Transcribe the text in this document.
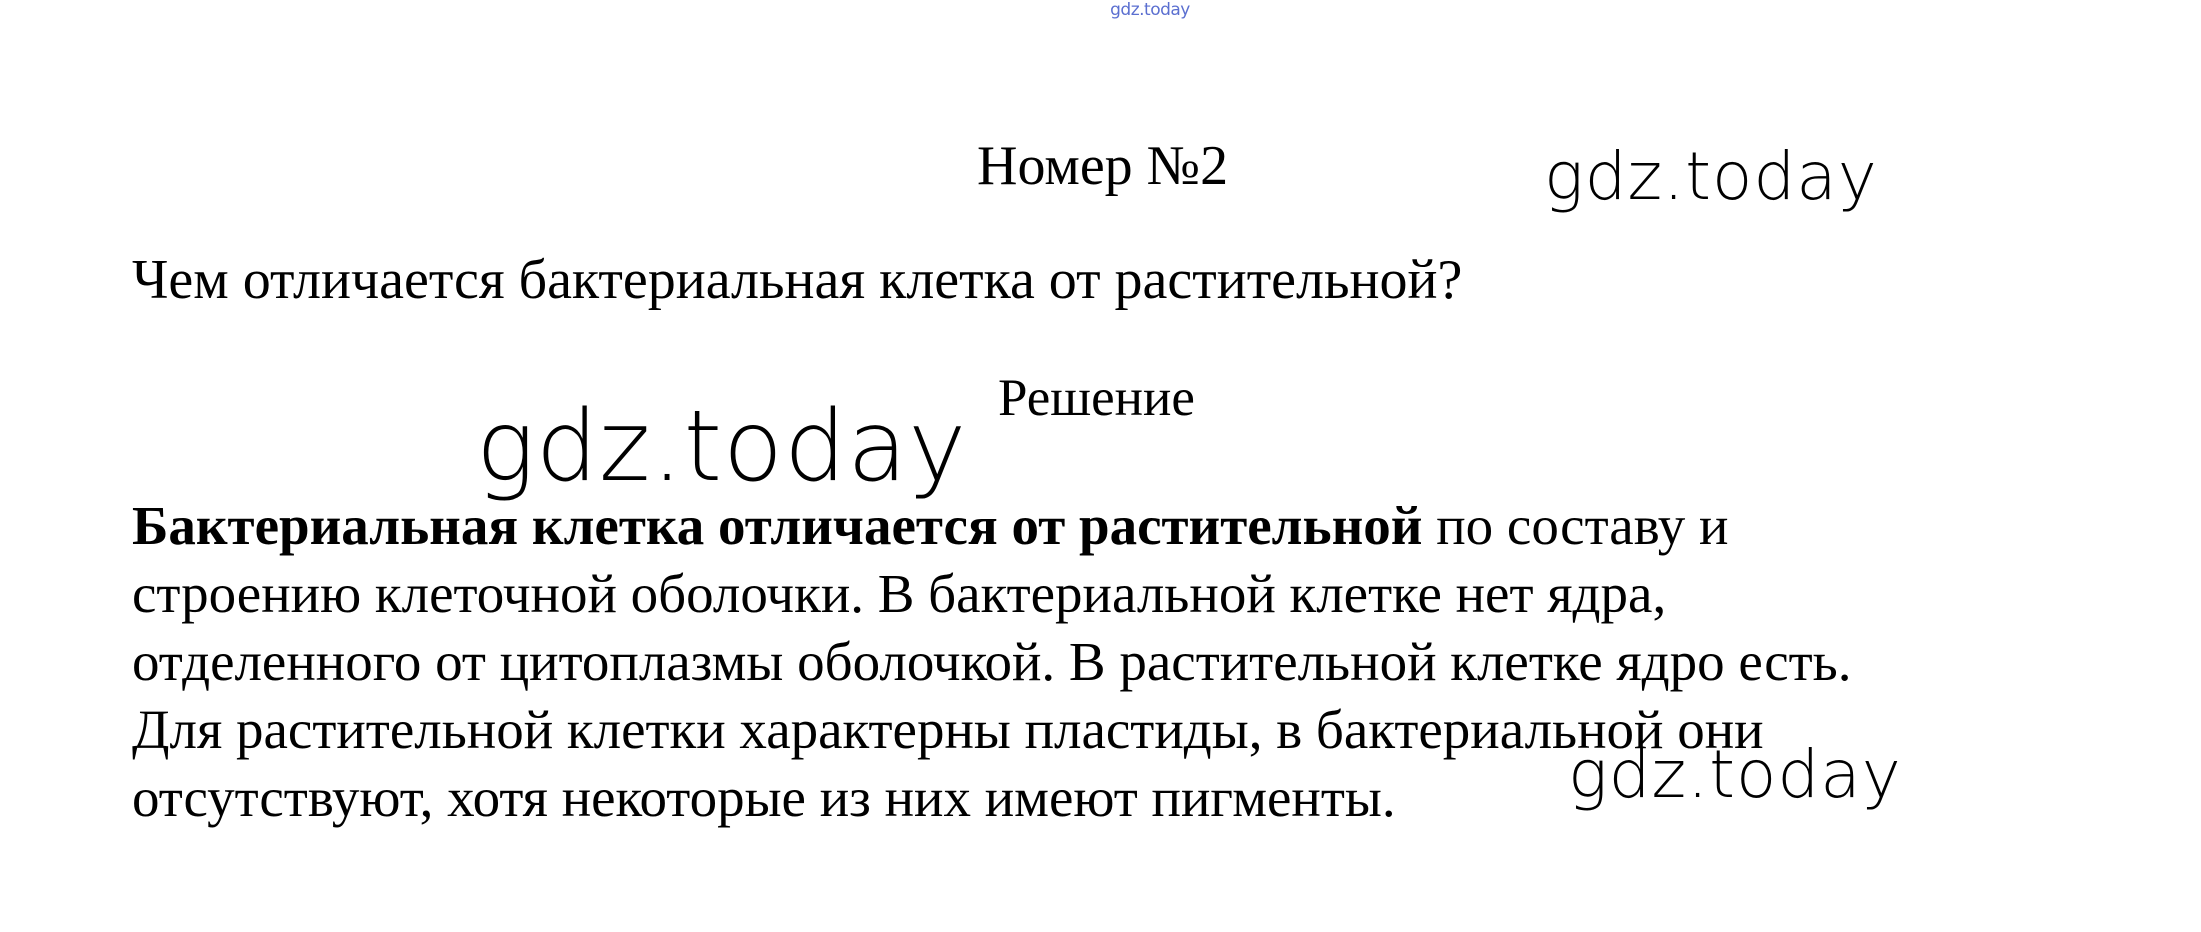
gdz.today
Номер №2	gdz.today
Чем отличается бактериальная клетка от растительной?
gdz.today Решение
Бактериальная клетка отличается от растительной по составу и
строению клеточной оболочки. В бактериальной клетке нет ядра,
отделенного от цитоплазмы оболочкой. В растительной клетке ядро есть.
Для растительной клетки характерны пластиды, в бактериальной они
отсутствуют, хотя некоторые из них имеют пигменты.	gdz.today
